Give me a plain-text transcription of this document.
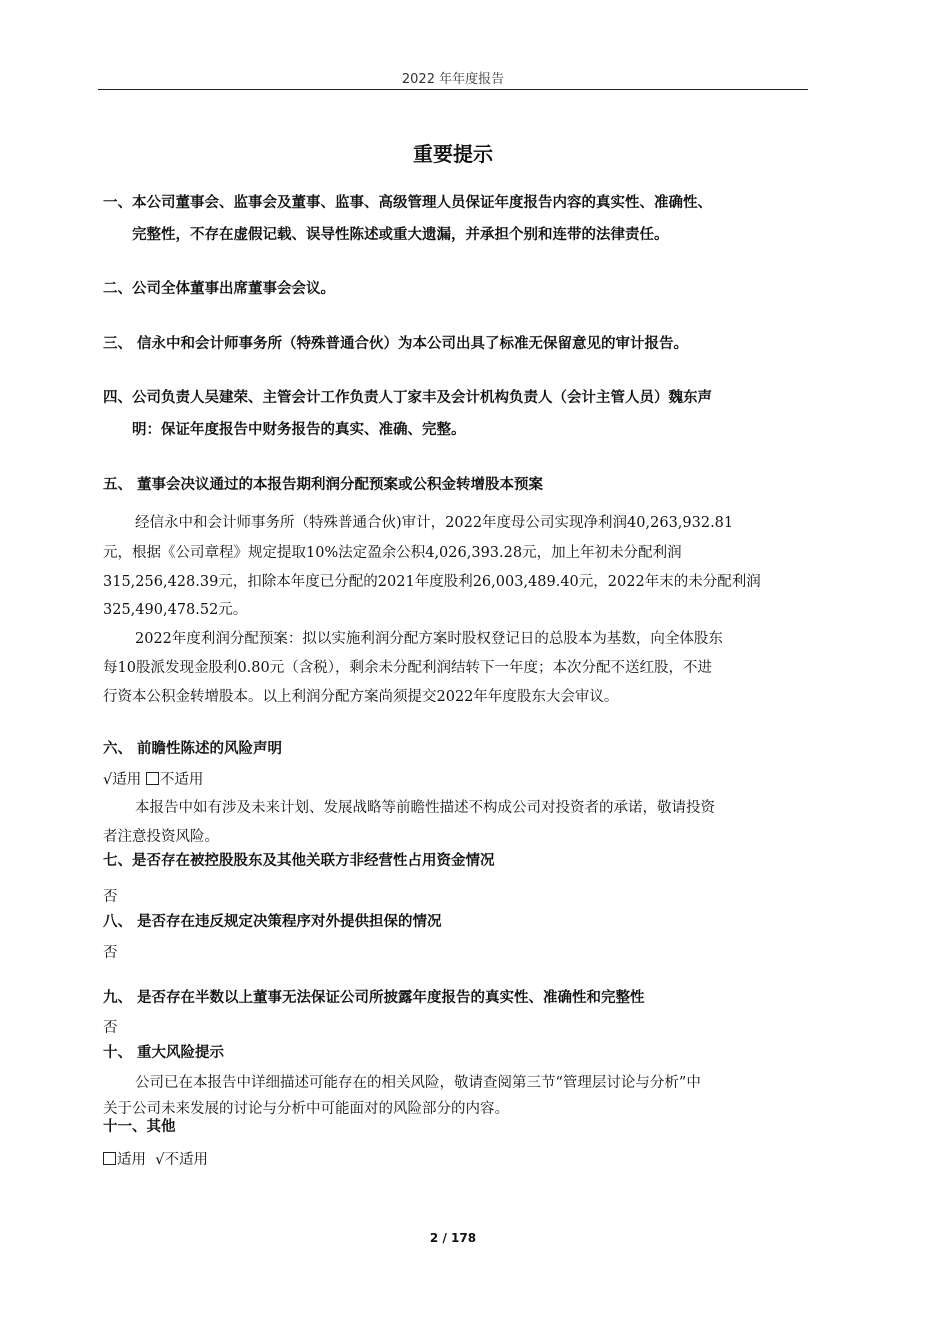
2022 年年度报告
重要提示
一、本公司董事会、监事会及董事、监事、高级管理人员保证年度报告内容的真实性、准确性、
完整性，不存在虚假记载、误导性陈述或重大遗漏，并承担个别和连带的法律责任。
二、公司全体董事出席董事会会议。
三、 信永中和会计师事务所（特殊普通合伙）为本公司出具了标准无保留意见的审计报告。
四、公司负责人吴建荣、主管会计工作负责人丁家丰及会计机构负责人（会计主管人员）魏东声
明：保证年度报告中财务报告的真实、准确、完整。
五、 董事会决议通过的本报告期利润分配预案或公积金转增股本预案
经信永中和会计师事务所（特殊普通合伙)审计，2022年度母公司实现净利润40,263,932.81
元，根据《公司章程》规定提取10%法定盈余公积4,026,393.28元，加上年初未分配利润
315,256,428.39元，扣除本年度已分配的2021年度股利26,003,489.40元，2022年末的未分配利润
325,490,478.52元。
2022年度利润分配预案：拟以实施利润分配方案时股权登记日的总股本为基数，向全体股东
每10股派发现金股利0.80元（含税），剩余未分配利润结转下一年度；本次分配不送红股，不进
行资本公积金转增股本。以上利润分配方案尚须提交2022年年度股东大会审议。
六、 前瞻性陈述的风险声明
√适用 不适用
本报告中如有涉及未来计划、发展战略等前瞻性描述不构成公司对投资者的承诺，敬请投资
者注意投资风险。
七、是否存在被控股股东及其他关联方非经营性占用资金情况
否
八、 是否存在违反规定决策程序对外提供担保的情况
否
九、 是否存在半数以上董事无法保证公司所披露年度报告的真实性、准确性和完整性
否
十、 重大风险提示
公司已在本报告中详细描述可能存在的相关风险，敬请查阅第三节“管理层讨论与分析”中
关于公司未来发展的讨论与分析中可能面对的风险部分的内容。
十一、其他
适用 √不适用
2 / 178
